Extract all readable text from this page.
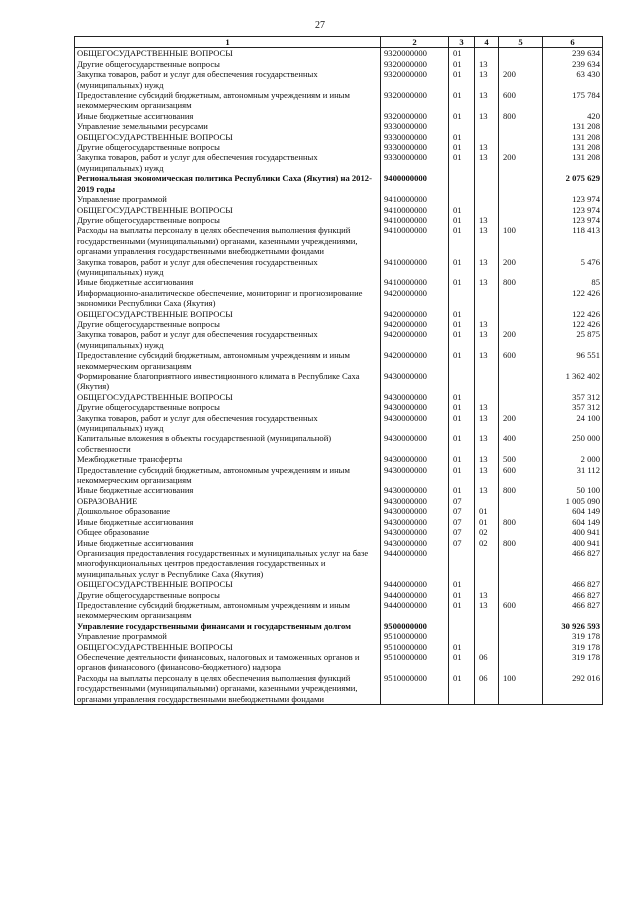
27
1	2	3	4	5	6
ОБЩЕГОСУДАРСТВЕННЫЕ ВОПРОСЫ	9320000000	01			239 634
Другие общегосударственные вопросы	9320000000	01	13		239 634
Закупка товаров, работ и услуг для обеспечения государственных (муниципальных) нужд	9320000000	01	13	200	63 430
Предоставление субсидий бюджетным, автономным учреждениям и иным некоммерческим организациям	9320000000	01	13	600	175 784
Иные бюджетные ассигнования	9320000000	01	13	800	420
Управление земельными ресурсами	9330000000				131 208
ОБЩЕГОСУДАРСТВЕННЫЕ ВОПРОСЫ	9330000000	01			131 208
Другие общегосударственные вопросы	9330000000	01	13		131 208
Закупка товаров, работ и услуг для обеспечения государственных (муниципальных) нужд	9330000000	01	13	200	131 208
Региональная экономическая политика Республики Саха (Якутия) на 2012-2019 годы	9400000000				2 075 629
Управление программой	9410000000				123 974
ОБЩЕГОСУДАРСТВЕННЫЕ ВОПРОСЫ	9410000000	01			123 974
Другие общегосударственные вопросы	9410000000	01	13		123 974
Расходы на выплаты персоналу в целях обеспечения выполнения функций государственными (муниципальными) органами, казенными учреждениями, органами управления государственными внебюджетными фондами	9410000000	01	13	100	118 413
Закупка товаров, работ и услуг для обеспечения государственных (муниципальных) нужд	9410000000	01	13	200	5 476
Иные бюджетные ассигнования	9410000000	01	13	800	85
Информационно-аналитическое обеспечение, мониторинг и прогнозирование экономики Республики Саха (Якутия)	9420000000				122 426
ОБЩЕГОСУДАРСТВЕННЫЕ ВОПРОСЫ	9420000000	01			122 426
Другие общегосударственные вопросы	9420000000	01	13		122 426
Закупка товаров, работ и услуг для обеспечения государственных (муниципальных) нужд	9420000000	01	13	200	25 875
Предоставление субсидий бюджетным, автономным учреждениям и иным некоммерческим организациям	9420000000	01	13	600	96 551
Формирование благоприятного инвестиционного климата в Республике Саха (Якутия)	9430000000				1 362 402
ОБЩЕГОСУДАРСТВЕННЫЕ ВОПРОСЫ	9430000000	01			357 312
Другие общегосударственные вопросы	9430000000	01	13		357 312
Закупка товаров, работ и услуг для обеспечения государственных (муниципальных) нужд	9430000000	01	13	200	24 100
Капитальные вложения в объекты государственной (муниципальной) собственности	9430000000	01	13	400	250 000
Межбюджетные трансферты	9430000000	01	13	500	2 000
Предоставление субсидий бюджетным, автономным учреждениям и иным некоммерческим организациям	9430000000	01	13	600	31 112
Иные бюджетные ассигнования	9430000000	01	13	800	50 100
ОБРАЗОВАНИЕ	9430000000	07			1 005 090
Дошкольное образование	9430000000	07	01		604 149
Иные бюджетные ассигнования	9430000000	07	01	800	604 149
Общее образование	9430000000	07	02		400 941
Иные бюджетные ассигнования	9430000000	07	02	800	400 941
Организация предоставления государственных и муниципальных услуг на базе многофункциональных центров предоставления государственных и муниципальных услуг в Республике Саха (Якутия)	9440000000				466 827
ОБЩЕГОСУДАРСТВЕННЫЕ ВОПРОСЫ	9440000000	01			466 827
Другие общегосударственные вопросы	9440000000	01	13		466 827
Предоставление субсидий бюджетным, автономным учреждениям и иным некоммерческим организациям	9440000000	01	13	600	466 827
Управление государственными финансами и государственным долгом	9500000000				30 926 593
Управление программой	9510000000				319 178
ОБЩЕГОСУДАРСТВЕННЫЕ ВОПРОСЫ	9510000000	01			319 178
Обеспечение деятельности финансовых, налоговых и таможенных органов и органов финансового (финансово-бюджетного) надзора	9510000000	01	06		319 178
Расходы на выплаты персоналу в целях обеспечения выполнения функций государственными (муниципальными) органами, казенными учреждениями, органами управления государственными внебюджетными фондами	9510000000	01	06	100	292 016
